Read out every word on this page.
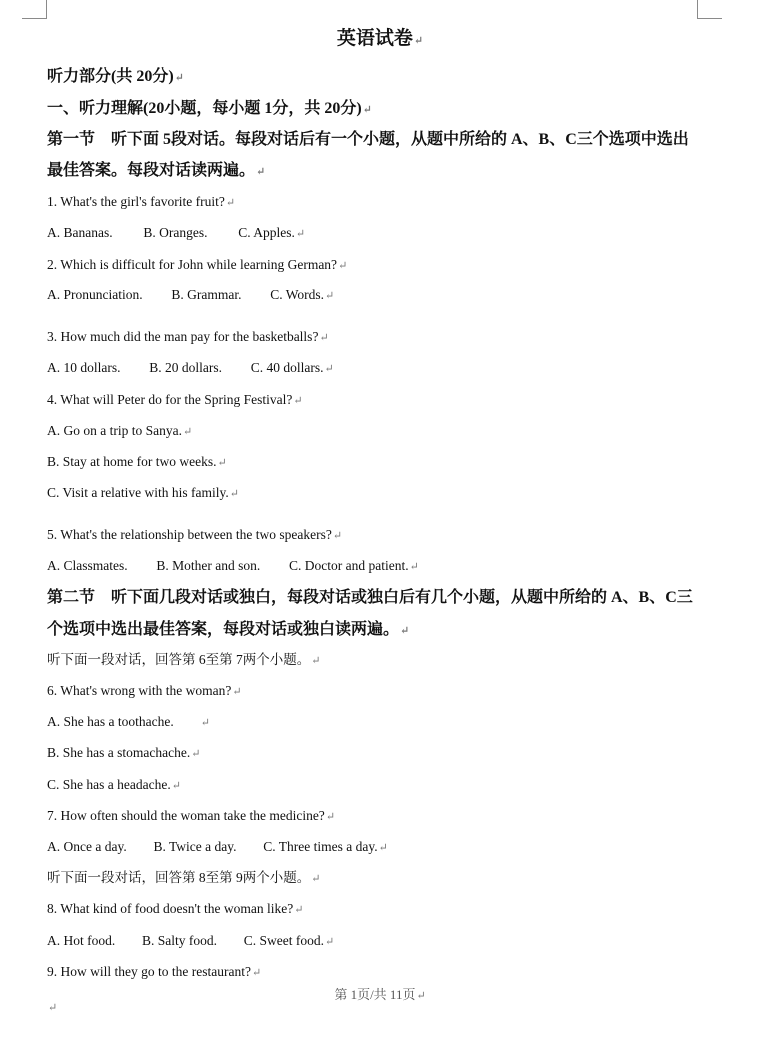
英语试卷↵
听力部分(共 20分)↵
一、听力理解(20小题，每小题 1分，共 20分)↵
第一节　听下面 5段对话。每段对话后有一个小题，从题中所给的 A、B、C三个选项中选出
最佳答案。每段对话读两遍。↵
1. What's the girl's favorite fruit?↵
A. Bananas. B. Oranges. C. Apples.↵
2. Which is difficult for John while learning German?↵
A. Pronunciation. B. Grammar. C. Words.↵
3. How much did the man pay for the basketballs?↵
A. 10 dollars. B. 20 dollars. C. 40 dollars.↵
4. What will Peter do for the Spring Festival?↵
A. Go on a trip to Sanya.↵
B. Stay at home for two weeks.↵
C. Visit a relative with his family.↵
5. What's the relationship between the two speakers?↵
A. Classmates. B. Mother and son. C. Doctor and patient.↵
第二节　听下面几段对话或独白，每段对话或独白后有几个小题，从题中所给的 A、B、C三
个选项中选出最佳答案，每段对话或独白读两遍。↵
听下面一段对话，回答第 6至第 7两个小题。↵
6. What's wrong with the woman?↵
A. She has a toothache. ↵
B. She has a stomachache.↵
C. She has a headache.↵
7. How often should the woman take the medicine?↵
A. Once a day. B. Twice a day. C. Three times a day.↵
听下面一段对话，回答第 8至第 9两个小题。↵
8. What kind of food doesn't the woman like?↵
A. Hot food. B. Salty food. C. Sweet food.↵
9. How will they go to the restaurant?↵
第 1页/共 11页↵
↵
